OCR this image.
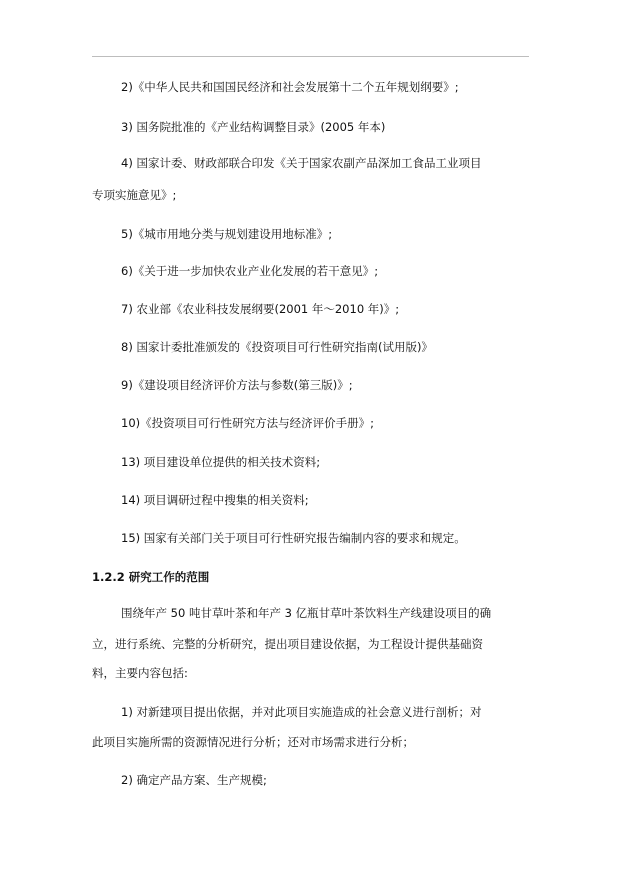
2)《中华人民共和国国民经济和社会发展第十二个五年规划纲要》;
3) 国务院批准的《产业结构调整目录》(2005 年本)
4) 国家计委、财政部联合印发《关于国家农副产品深加工食品工业项目
专项实施意见》;
5)《城市用地分类与规划建设用地标准》;
6)《关于进一步加快农业产业化发展的若干意见》;
7) 农业部《农业科技发展纲要(2001 年～2010 年)》;
8) 国家计委批准颁发的《投资项目可行性研究指南(试用版)》
9)《建设项目经济评价方法与参数(第三版)》;
10)《投资项目可行性研究方法与经济评价手册》;
13) 项目建设单位提供的相关技术资料;
14) 项目调研过程中搜集的相关资料;
15) 国家有关部门关于项目可行性研究报告编制内容的要求和规定。
1.2.2 研究工作的范围
围绕年产 50 吨甘草叶茶和年产 3 亿瓶甘草叶茶饮料生产线建设项目的确
立，进行系统、完整的分析研究，提出项目建设依据，为工程设计提供基础资
料，主要内容包括:
1) 对新建项目提出依据，并对此项目实施造成的社会意义进行剖析；对
此项目实施所需的资源情况进行分析；还对市场需求进行分析；
2) 确定产品方案、生产规模;
